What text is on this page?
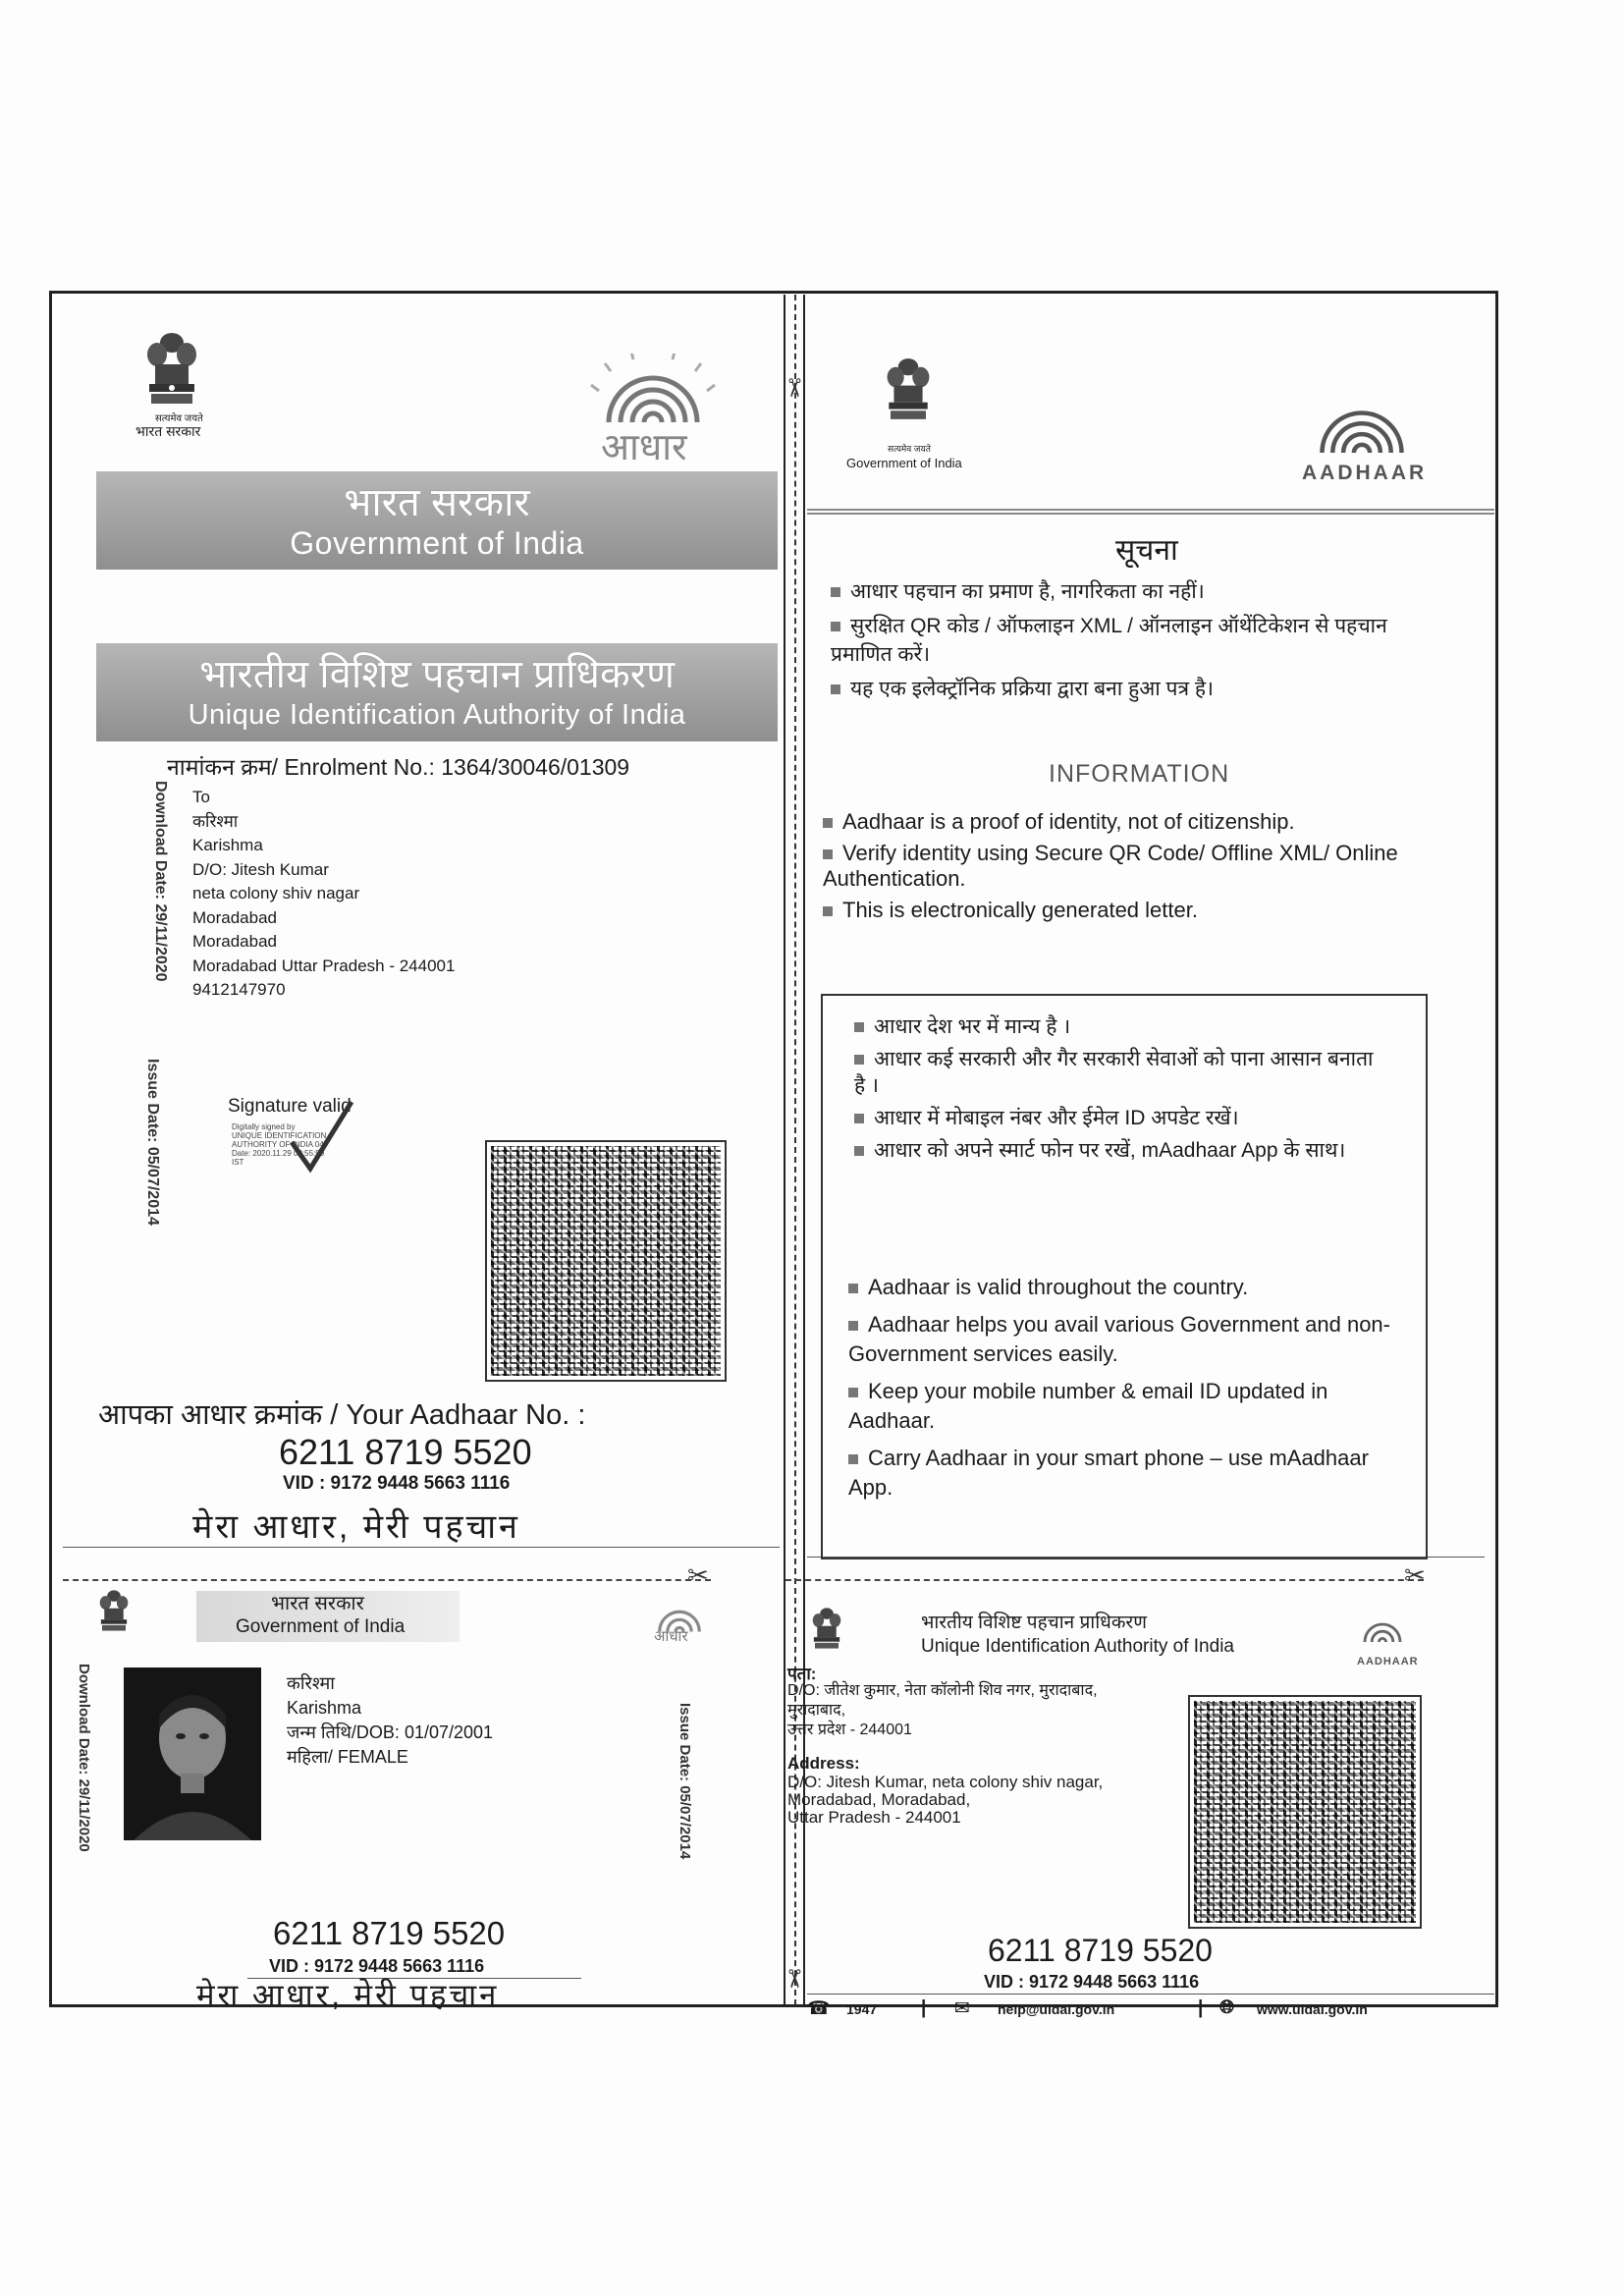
✂
✂
✂	✂
सत्यमेव जयते
भारत सरकार	आधार
भारत सरकार
Government of India
भारतीय विशिष्ट पहचान प्राधिकरण
Unique Identification Authority of India
नामांकन क्रम/ Enrolment No.: 1364/30046/01309
Download Date: 29/11/2020
Issue Date: 05/07/2014
To
करिश्मा
Karishma
D/O: Jitesh Kumar
neta colony shiv nagar
Moradabad
Moradabad
Moradabad Uttar Pradesh - 244001
9412147970
Signature valid
Digitally signed by
UNIQUE IDENTIFICATION
AUTHORITY OF INDIA 04
Date: 2020.11.29 09:55:59
IST
आपका आधार क्रमांक / Your Aadhaar No. :
6211 8719 5520
VID : 9172 9448 5663 1116
मेरा आधार, मेरी पहचान
सत्यमेव जयते
Government of India	AADHAAR
सूचना
आधार पहचान का प्रमाण है, नागरिकता का नहीं।
सुरक्षित QR कोड / ऑफलाइन XML / ऑनलाइन ऑथेंटिकेशन से पहचान प्रमाणित करें।
यह एक इलेक्ट्रॉनिक प्रक्रिया द्वारा बना हुआ पत्र है।
INFORMATION
Aadhaar is a proof of identity, not of citizenship.
Verify identity using Secure QR Code/ Offline XML/ Online Authentication.
This is electronically generated letter.
आधार देश भर में मान्य है ।
आधार कई सरकारी और गैर सरकारी सेवाओं को पाना आसान बनाता है ।
आधार में मोबाइल नंबर और ईमेल ID अपडेट रखें।
आधार को अपने स्मार्ट फोन पर रखें, mAadhaar App के साथ।
Aadhaar is valid throughout the country.
Aadhaar helps you avail various Government and non-Government services easily.
Keep your mobile number & email ID updated in Aadhaar.
Carry Aadhaar in your smart phone – use mAadhaar App.
भारत सरकार
Government of India	आधार
Download Date: 29/11/2020	Issue Date: 05/07/2014
करिश्मा
Karishma
जन्म तिथि/DOB: 01/07/2001
महिला/ FEMALE
6211 8719 5520
VID : 9172 9448 5663 1116
मेरा आधार, मेरी पहचान
भारतीय विशिष्ट पहचान प्राधिकरण
Unique Identification Authority of India
AADHAAR
पता:
D/O: जीतेश कुमार, नेता कॉलोनी शिव नगर, मुरादाबाद,
मुरादाबाद,
उत्तर प्रदेश - 244001
Address:
D/O: Jitesh Kumar, neta colony shiv nagar,
Moradabad, Moradabad,
Uttar Pradesh - 244001
6211 8719 5520
VID : 9172 9448 5663 1116
☎ 1947 | ✉ help@uidai.gov.in	| 🌐︎ www.uidai.gov.in
